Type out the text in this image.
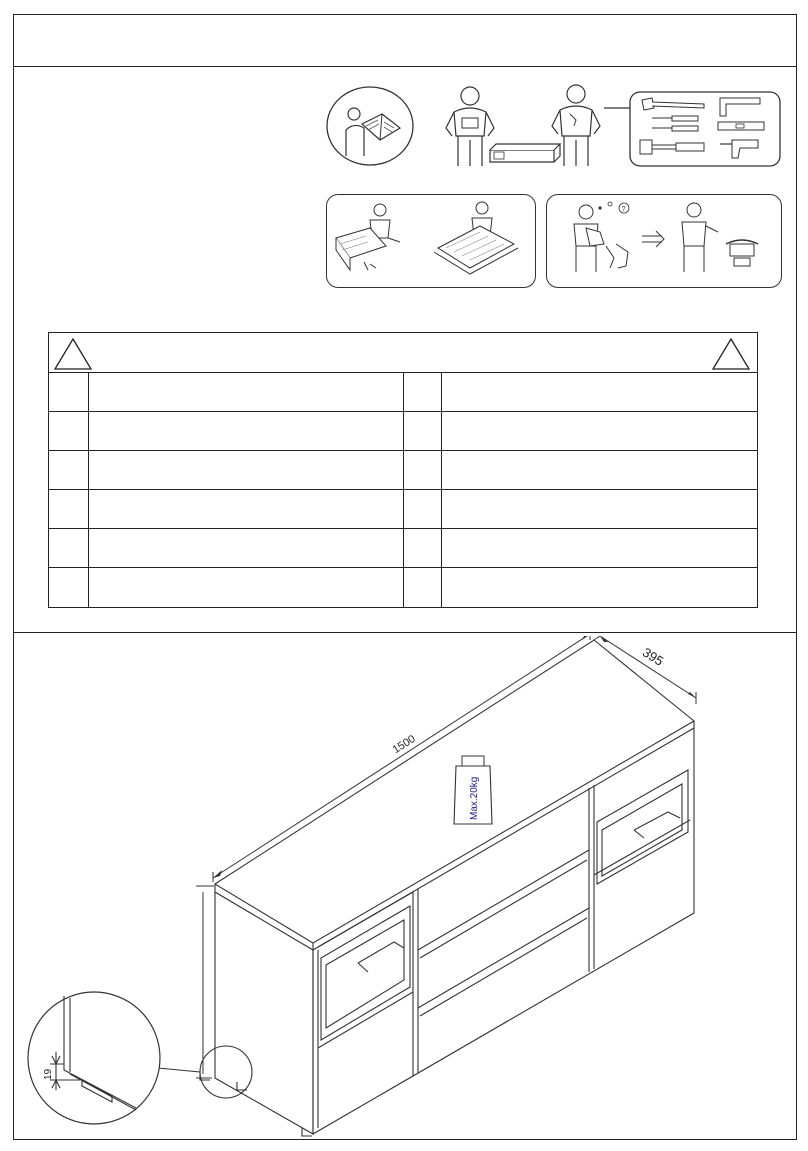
?
1500
395
Max.20kg
19
